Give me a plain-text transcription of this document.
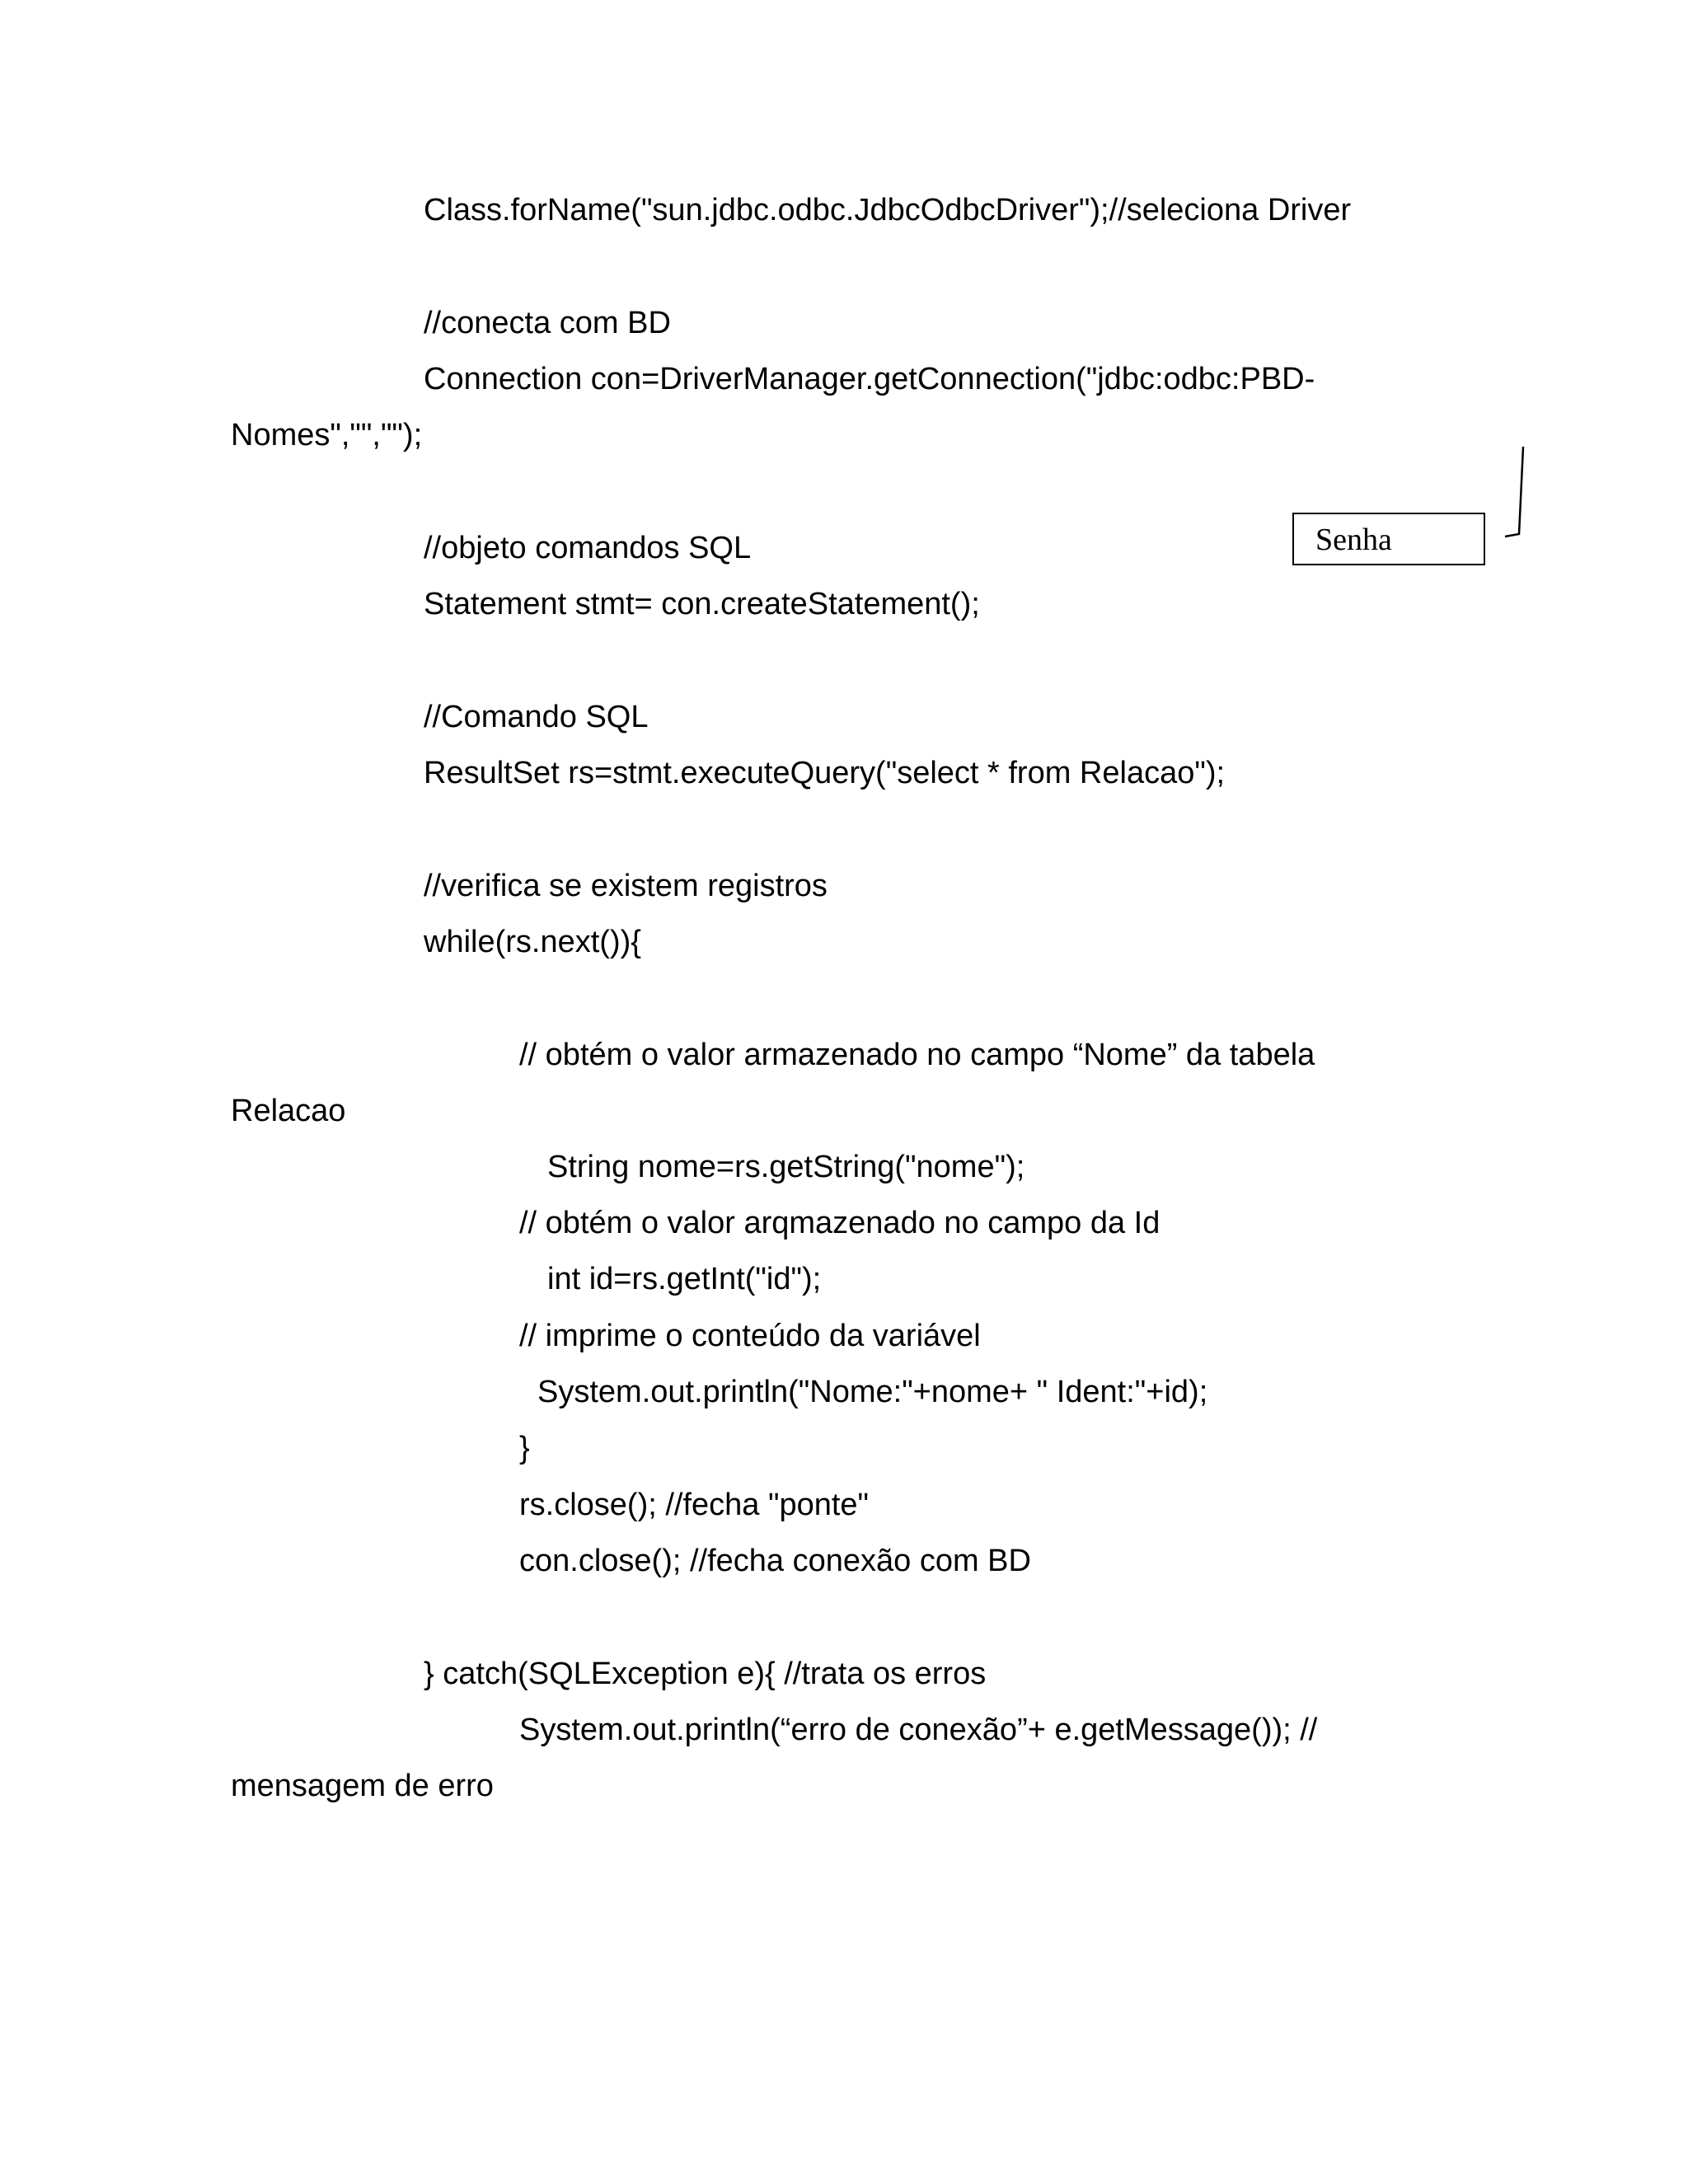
Class.forName("sun.jdbc.odbc.JdbcOdbcDriver");//seleciona Driver

//conecta com BD

Connection con=DriverManager.getConnection("jdbc:odbc:PBD-

Nomes","","");

//objeto comandos SQL

Statement stmt= con.createStatement();

//Comando SQL

ResultSet rs=stmt.executeQuery("select * from Relacao");

//verifica se existem registros

while(rs.next()){

// obtém o valor armazenado no campo “Nome” da tabela

Relacao

String nome=rs.getString("nome");

// obtém o valor arqmazenado no campo da Id

int id=rs.getInt("id");

// imprime o conteúdo da variável

System.out.println("Nome:"+nome+ " Ident:"+id);

}

rs.close(); //fecha "ponte"

con.close(); //fecha conexão com BD

} catch(SQLException e){ //trata os erros

System.out.println(“erro de conexão”+ e.getMessage()); //

mensagem de erro

Senha
